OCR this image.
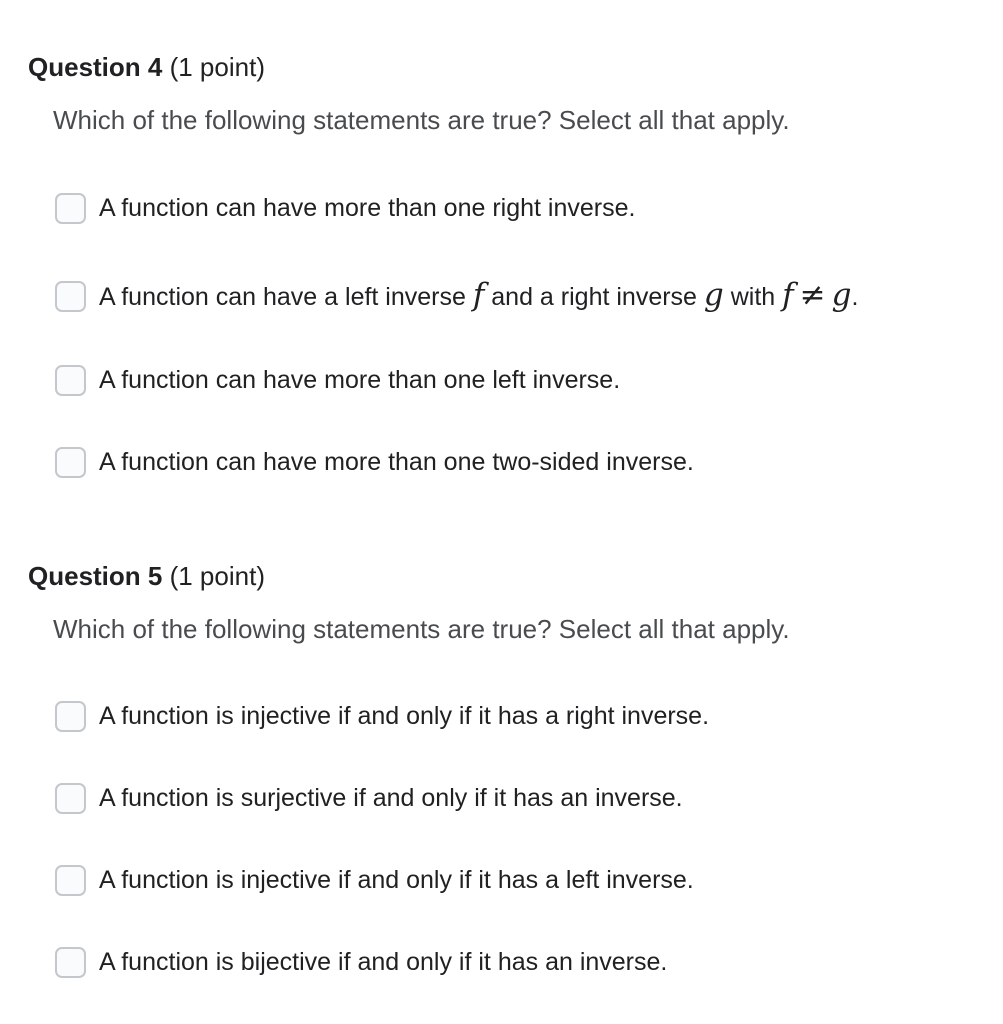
Question 4 (1 point)
Which of the following statements are true? Select all that apply.
A function can have more than one right inverse.
A function can have a left inverse f and a right inverse g with f ≠ g.
A function can have more than one left inverse.
A function can have more than one two-sided inverse.
Question 5 (1 point)
Which of the following statements are true? Select all that apply.
A function is injective if and only if it has a right inverse.
A function is surjective if and only if it has an inverse.
A function is injective if and only if it has a left inverse.
A function is bijective if and only if it has an inverse.
